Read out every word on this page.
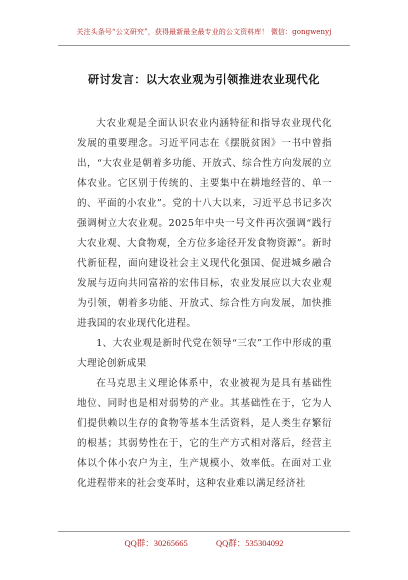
关注头条号“公文研究”，获得最新最全最专业的公文资料库！ 微信：gongwenyj
研讨发言：以大农业观为引领推进农业现代化

大农业观是全面认识农业内涵特征和指导农业现代化发展的重要理念。习近平同志在《摆脱贫困》一书中曾指出，“大农业是朝着多功能、开放式、综合性方向发展的立体农业。它区别于传统的、主要集中在耕地经营的、单一的、平面的小农业”。党的十八大以来，习近平总书记多次强调树立大农业观。2025年中央一号文件再次强调“践行大农业观、大食物观，全方位多途径开发食物资源”。新时代新征程，面向建设社会主义现代化强国、促进城乡融合发展与迈向共同富裕的宏伟目标，农业发展应以大农业观为引领，朝着多功能、开放式、综合性方向发展，加快推进我国的农业现代化进程。

1、大农业观是新时代党在领导“三农”工作中形成的重大理论创新成果

在马克思主义理论体系中，农业被视为是具有基础性地位、同时也是相对弱势的产业。其基础性在于，它为人们提供赖以生存的食物等基本生活资料，是人类生存繁衍的根基；其弱势性在于，它的生产方式相对落后，经营主体以个体小农户为主，生产规模小、效率低。在面对工业化进程带来的社会变革时，这种农业难以满足经济社

QQ群：30265665	QQ群：535304092
